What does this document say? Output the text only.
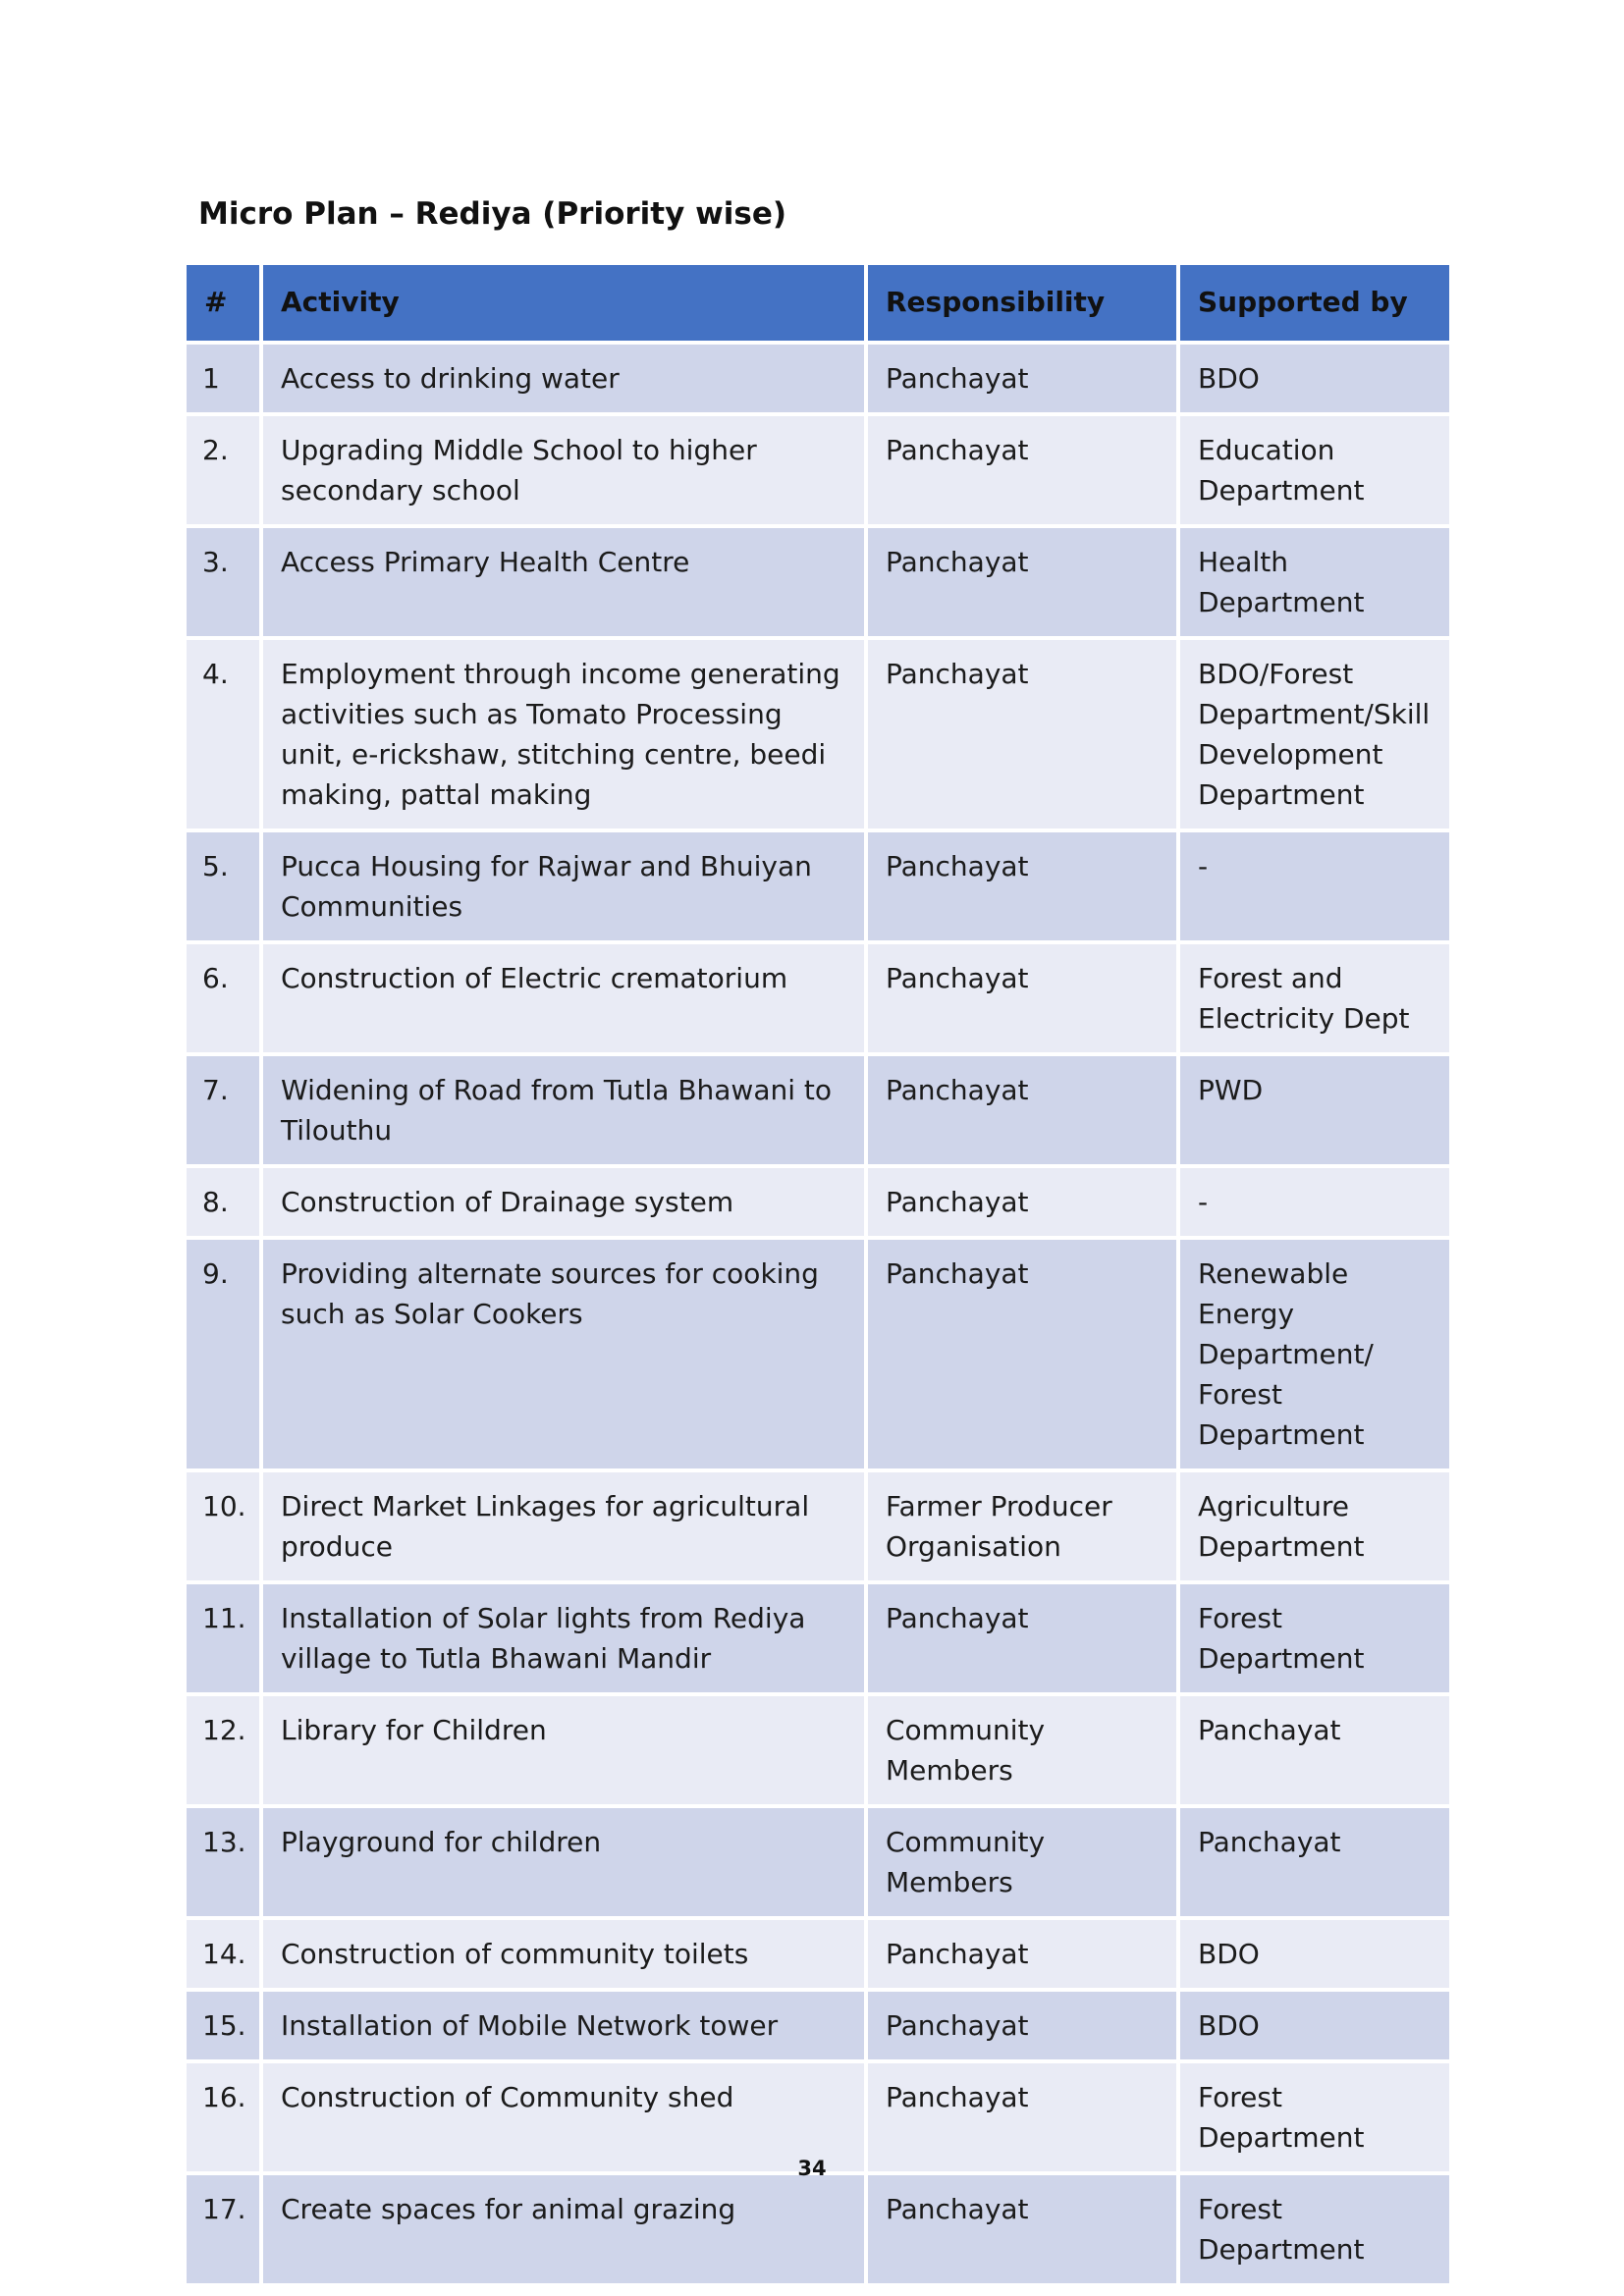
Micro Plan – Rediya (Priority wise)
#	Activity	Responsibility	Supported by
1	Access to drinking water	Panchayat	BDO
2.	Upgrading Middle School to higher secondary school	Panchayat	Education Department
3.	Access Primary Health Centre	Panchayat	Health Department
4.	Employment through income generating activities such as Tomato Processing unit, e-rickshaw, stitching centre, beedi making, pattal making	Panchayat	BDO/Forest Department/Skill Development Department
5.	Pucca Housing for Rajwar and Bhuiyan Communities	Panchayat	-
6.	Construction of Electric crematorium	Panchayat	Forest and Electricity Dept
7.	Widening of Road from Tutla Bhawani to Tilouthu	Panchayat	PWD
8.	Construction of Drainage system	Panchayat	-
9.	Providing alternate sources for cooking such as Solar Cookers	Panchayat	Renewable Energy Department/ Forest Department
10.	Direct Market Linkages for agricultural produce	Farmer Producer Organisation	Agriculture Department
11.	Installation of Solar lights from Rediya village to Tutla Bhawani Mandir	Panchayat	Forest Department
12.	Library for Children	Community Members	Panchayat
13.	Playground for children	Community Members	Panchayat
14.	Construction of community toilets	Panchayat	BDO
15.	Installation of Mobile Network tower	Panchayat	BDO
16.	Construction of Community shed	Panchayat	Forest Department
17.	Create spaces for animal grazing	Panchayat	Forest Department
34
